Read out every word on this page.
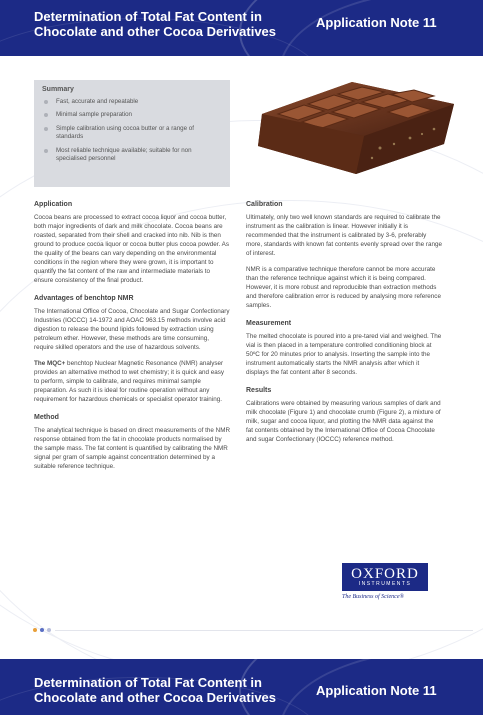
Determination of Total Fat Content in Chocolate and other Cocoa Derivatives
Application Note 11
Summary
Fast, accurate and repeatable
Minimal sample preparation
Simple calibration using cocoa butter or a range of standards
Most reliable technique available; suitable for non specialised personnel
Application

Cocoa beans are processed to extract cocoa liquor and cocoa butter, both major ingredients of dark and milk chocolate. Cocoa beans are roasted, separated from their shell and cracked into nib. Nib is then ground to produce cocoa liquor or cocoa butter plus cocoa powder. As the quality of the beans can vary depending on the environmental conditions in the region where they were grown, it is important to quantify the fat content of the raw and intermediate materials to ensure consistency of the final product.

Advantages of benchtop NMR

The International Office of Cocoa, Chocolate and Sugar Confectionary Industries (IOCCC) 14-1972 and AOAC 963.15 methods involve acid digestion to release the bound lipids followed by extraction using petroleum ether. However, these methods are time consuming, require skilled operators and the use of hazardous solvents.

The MQC+ benchtop Nuclear Magnetic Resonance (NMR) analyser provides an alternative method to wet chemistry; it is quick and easy to perform, simple to calibrate, and requires minimal sample preparation. As such it is ideal for routine operation without any requirement for hazardous chemicals or specialist operator training.

Method

The analytical technique is based on direct measurements of the NMR response obtained from the fat in chocolate products normalised by the sample mass. The fat content is quantified by calibrating the NMR signal per gram of sample against concentration determined by a suitable reference technique.

Calibration

Ultimately, only two well known standards are required to calibrate the instrument as the calibration is linear. However initially it is recommended that the instrument is calibrated by 3-6, preferably more, standards with known fat contents evenly spread over the range of interest.

NMR is a comparative technique therefore cannot be more accurate than the reference technique against which it is being compared. However, it is more robust and reproducible than extraction methods and therefore calibration error is reduced by analysing more reference samples.

Measurement

The melted chocolate is poured into a pre-tared vial and weighed. The vial is then placed in a temperature controlled conditioning block at 50ºC for 20 minutes prior to analysis. Inserting the sample into the instrument automatically starts the NMR analysis after which it displays the fat content after 8 seconds.

Results

Calibrations were obtained by measuring various samples of dark and milk chocolate (Figure 1) and chocolate crumb (Figure 2), a mixture of milk, sugar and cocoa liquor, and plotting the NMR data against the fat contents obtained by the International Office of Cocoa Chocolate and sugar Confectionary (IOCCC) reference method.

OXFORD
INSTRUMENTS
The Business of Science®
Determination of Total Fat Content in Chocolate and other Cocoa Derivatives	Application Note 11
